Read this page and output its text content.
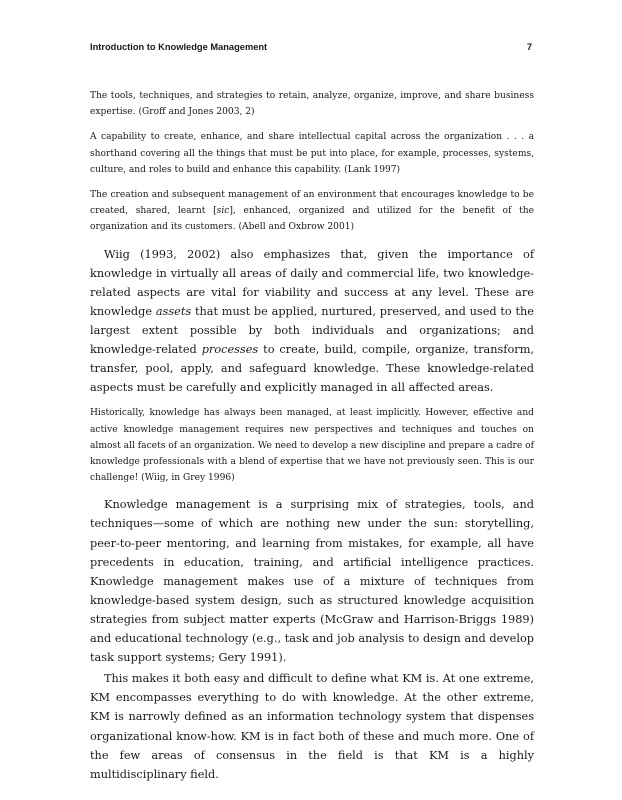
Introduction to Knowledge Management	7

The tools, techniques, and strategies to retain, analyze, organize, improve, and share business expertise. (Groff and Jones 2003, 2)

A capability to create, enhance, and share intellectual capital across the organization . . . a shorthand covering all the things that must be put into place, for example, processes, systems, culture, and roles to build and enhance this capability. (Lank 1997)

The creation and subsequent management of an environment that encourages knowledge to be created, shared, learnt [sic], enhanced, organized and utilized for the benefit of the organization and its customers. (Abell and Oxbrow 2001)

Wiig (1993, 2002) also emphasizes that, given the importance of knowledge in virtually all areas of daily and commercial life, two knowledge-related aspects are vital for viability and success at any level. These are knowledge assets that must be applied, nurtured, preserved, and used to the largest extent possible by both individuals and organizations; and knowledge-related processes to create, build, compile, organize, transform, transfer, pool, apply, and safeguard knowledge. These knowledge-related aspects must be carefully and explicitly managed in all affected areas.

Historically, knowledge has always been managed, at least implicitly. However, effective and active knowledge management requires new perspectives and techniques and touches on almost all facets of an organization. We need to develop a new discipline and prepare a cadre of knowledge professionals with a blend of expertise that we have not previously seen. This is our challenge! (Wiig, in Grey 1996)

Knowledge management is a surprising mix of strategies, tools, and techniques—some of which are nothing new under the sun: storytelling, peer-to-peer mentoring, and learning from mistakes, for example, all have precedents in education, training, and artificial intelligence practices. Knowledge management makes use of a mixture of techniques from knowledge-based system design, such as structured knowledge acquisition strategies from subject matter experts (McGraw and Harrison-Briggs 1989) and educational technology (e.g., task and job analysis to design and develop task support systems; Gery 1991).

This makes it both easy and difficult to define what KM is. At one extreme, KM encompasses everything to do with knowledge. At the other extreme, KM is narrowly defined as an information technology system that dispenses organizational know-how. KM is in fact both of these and much more. One of the few areas of consensus in the field is that KM is a highly multidisciplinary field.
